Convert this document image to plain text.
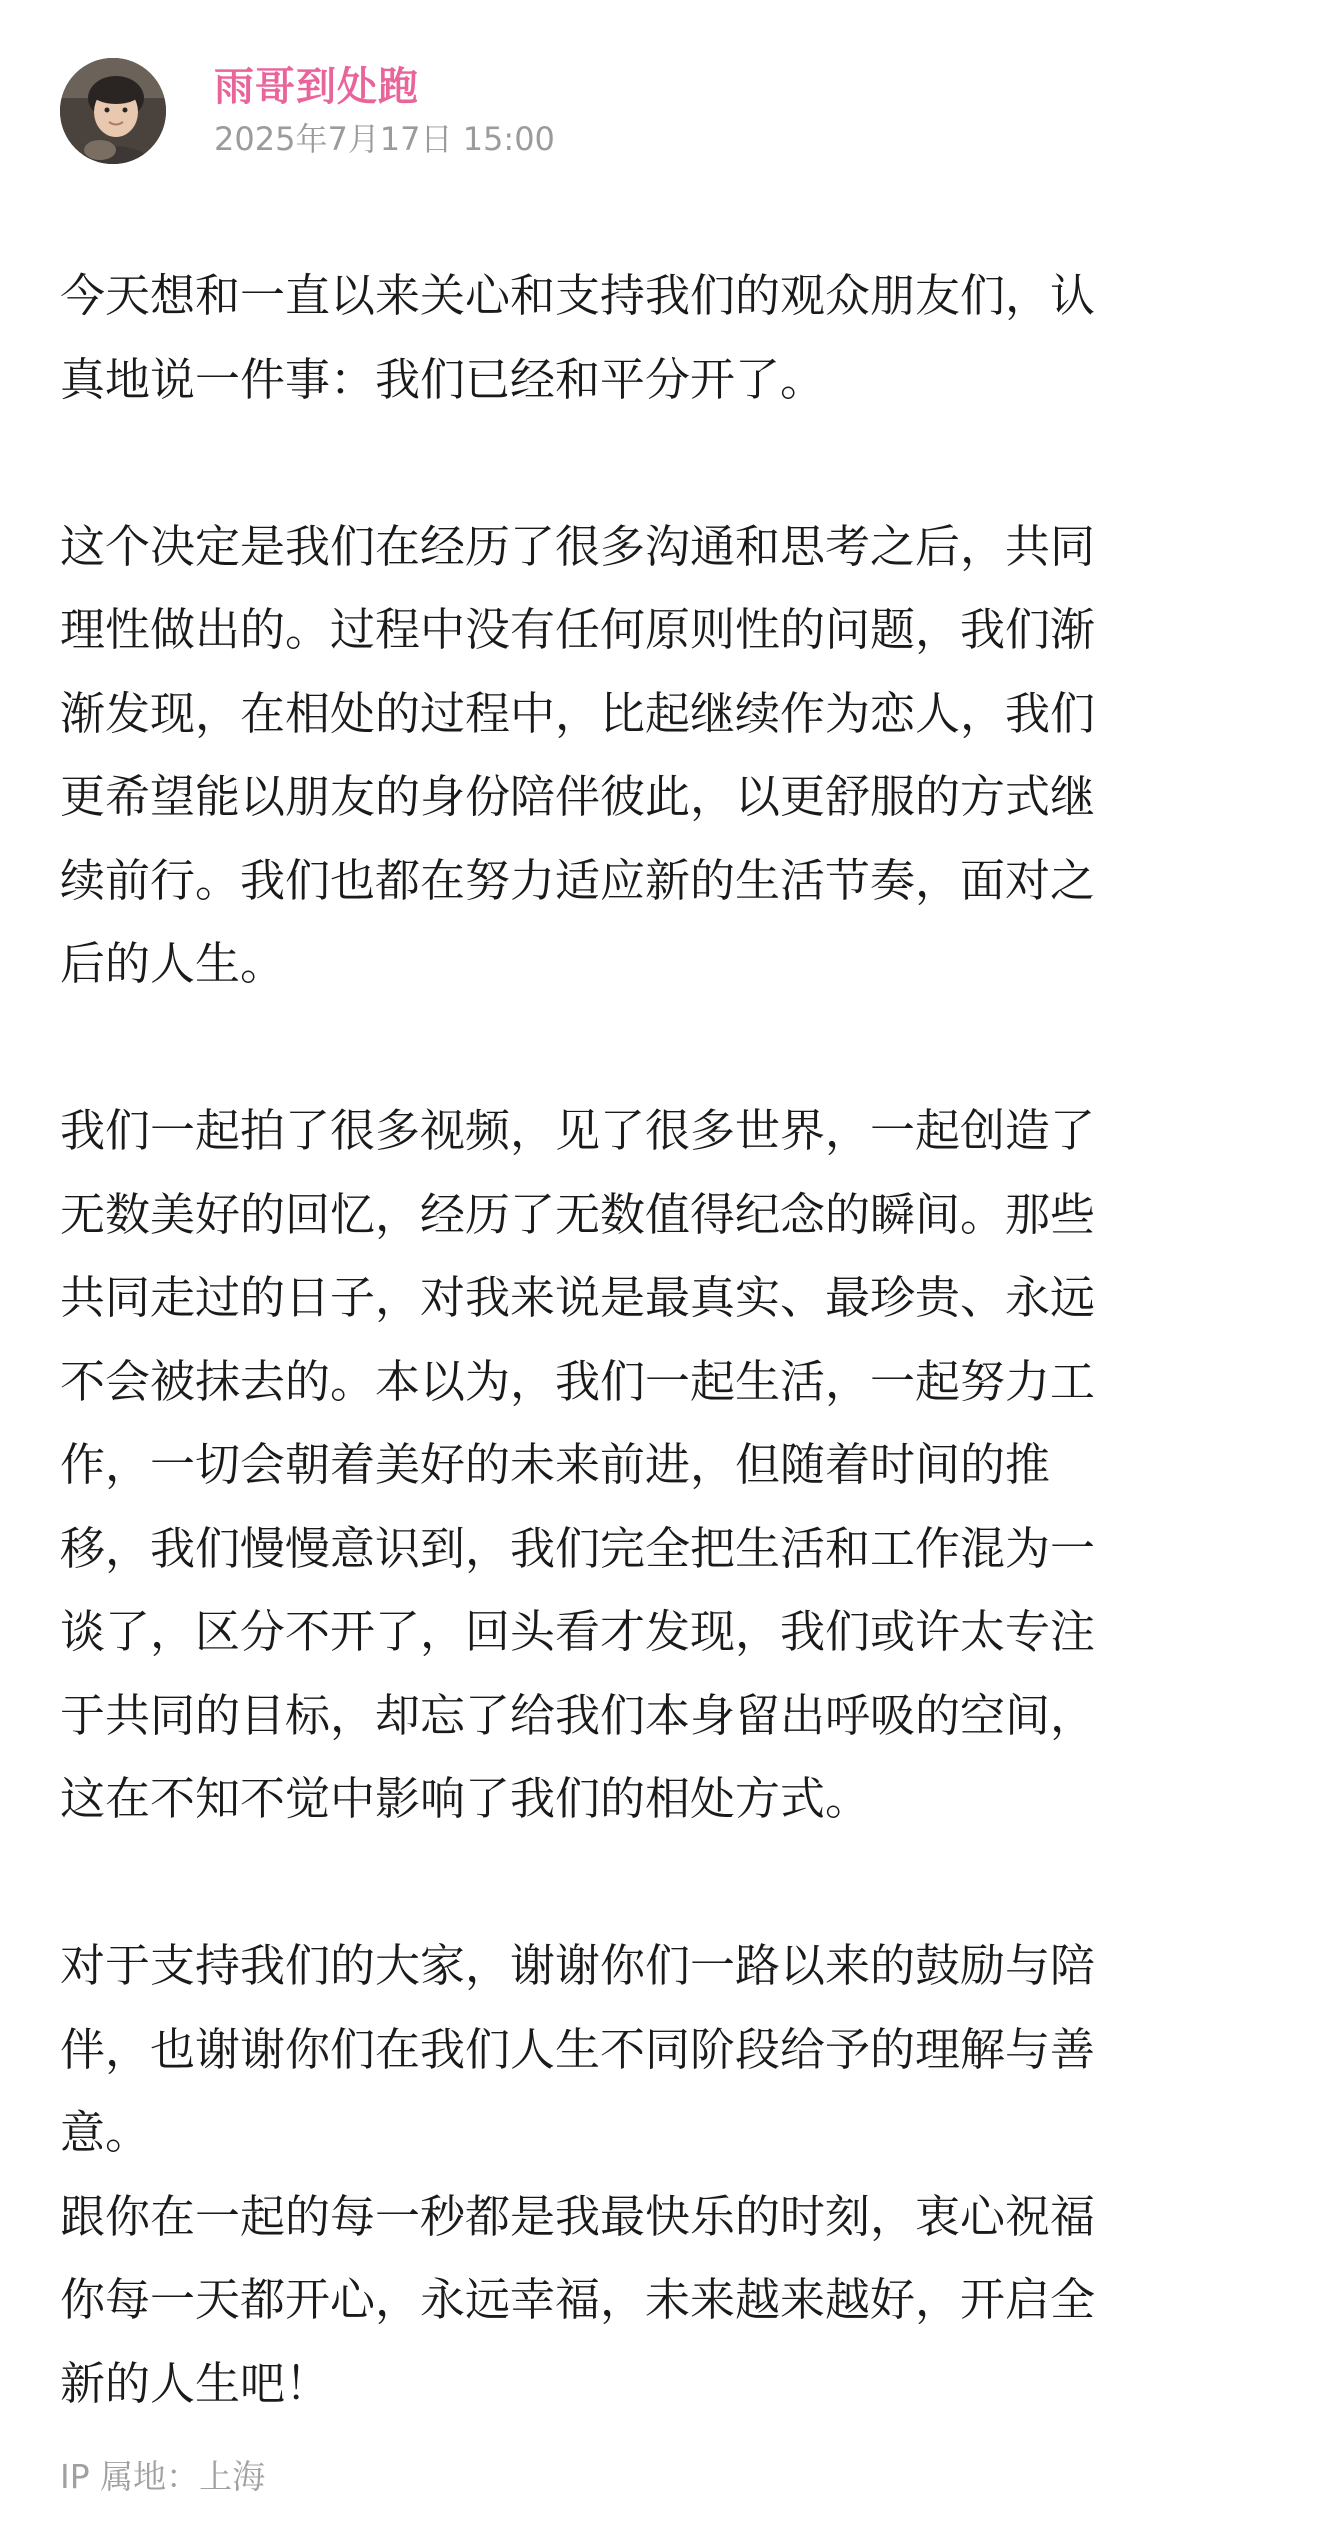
雨哥到处跑
2025年7月17日 15:00

今天想和一直以来关心和支持我们的观众朋友们，认
真地说一件事：我们已经和平分开了。

这个决定是我们在经历了很多沟通和思考之后，共同
理性做出的。过程中没有任何原则性的问题，我们渐
渐发现，在相处的过程中，比起继续作为恋人，我们
更希望能以朋友的身份陪伴彼此，以更舒服的方式继
续前行。我们也都在努力适应新的生活节奏，面对之
后的人生。

我们一起拍了很多视频，见了很多世界，一起创造了
无数美好的回忆，经历了无数值得纪念的瞬间。那些
共同走过的日子，对我来说是最真实、最珍贵、永远
不会被抹去的。本以为，我们一起生活，一起努力工
作，一切会朝着美好的未来前进，但随着时间的推
移，我们慢慢意识到，我们完全把生活和工作混为一
谈了，区分不开了，回头看才发现，我们或许太专注
于共同的目标，却忘了给我们本身留出呼吸的空间，
这在不知不觉中影响了我们的相处方式。

对于支持我们的大家，谢谢你们一路以来的鼓励与陪
伴，也谢谢你们在我们人生不同阶段给予的理解与善
意。
跟你在一起的每一秒都是我最快乐的时刻，衷心祝福
你每一天都开心，永远幸福，未来越来越好，开启全
新的人生吧！

IP 属地：上海
